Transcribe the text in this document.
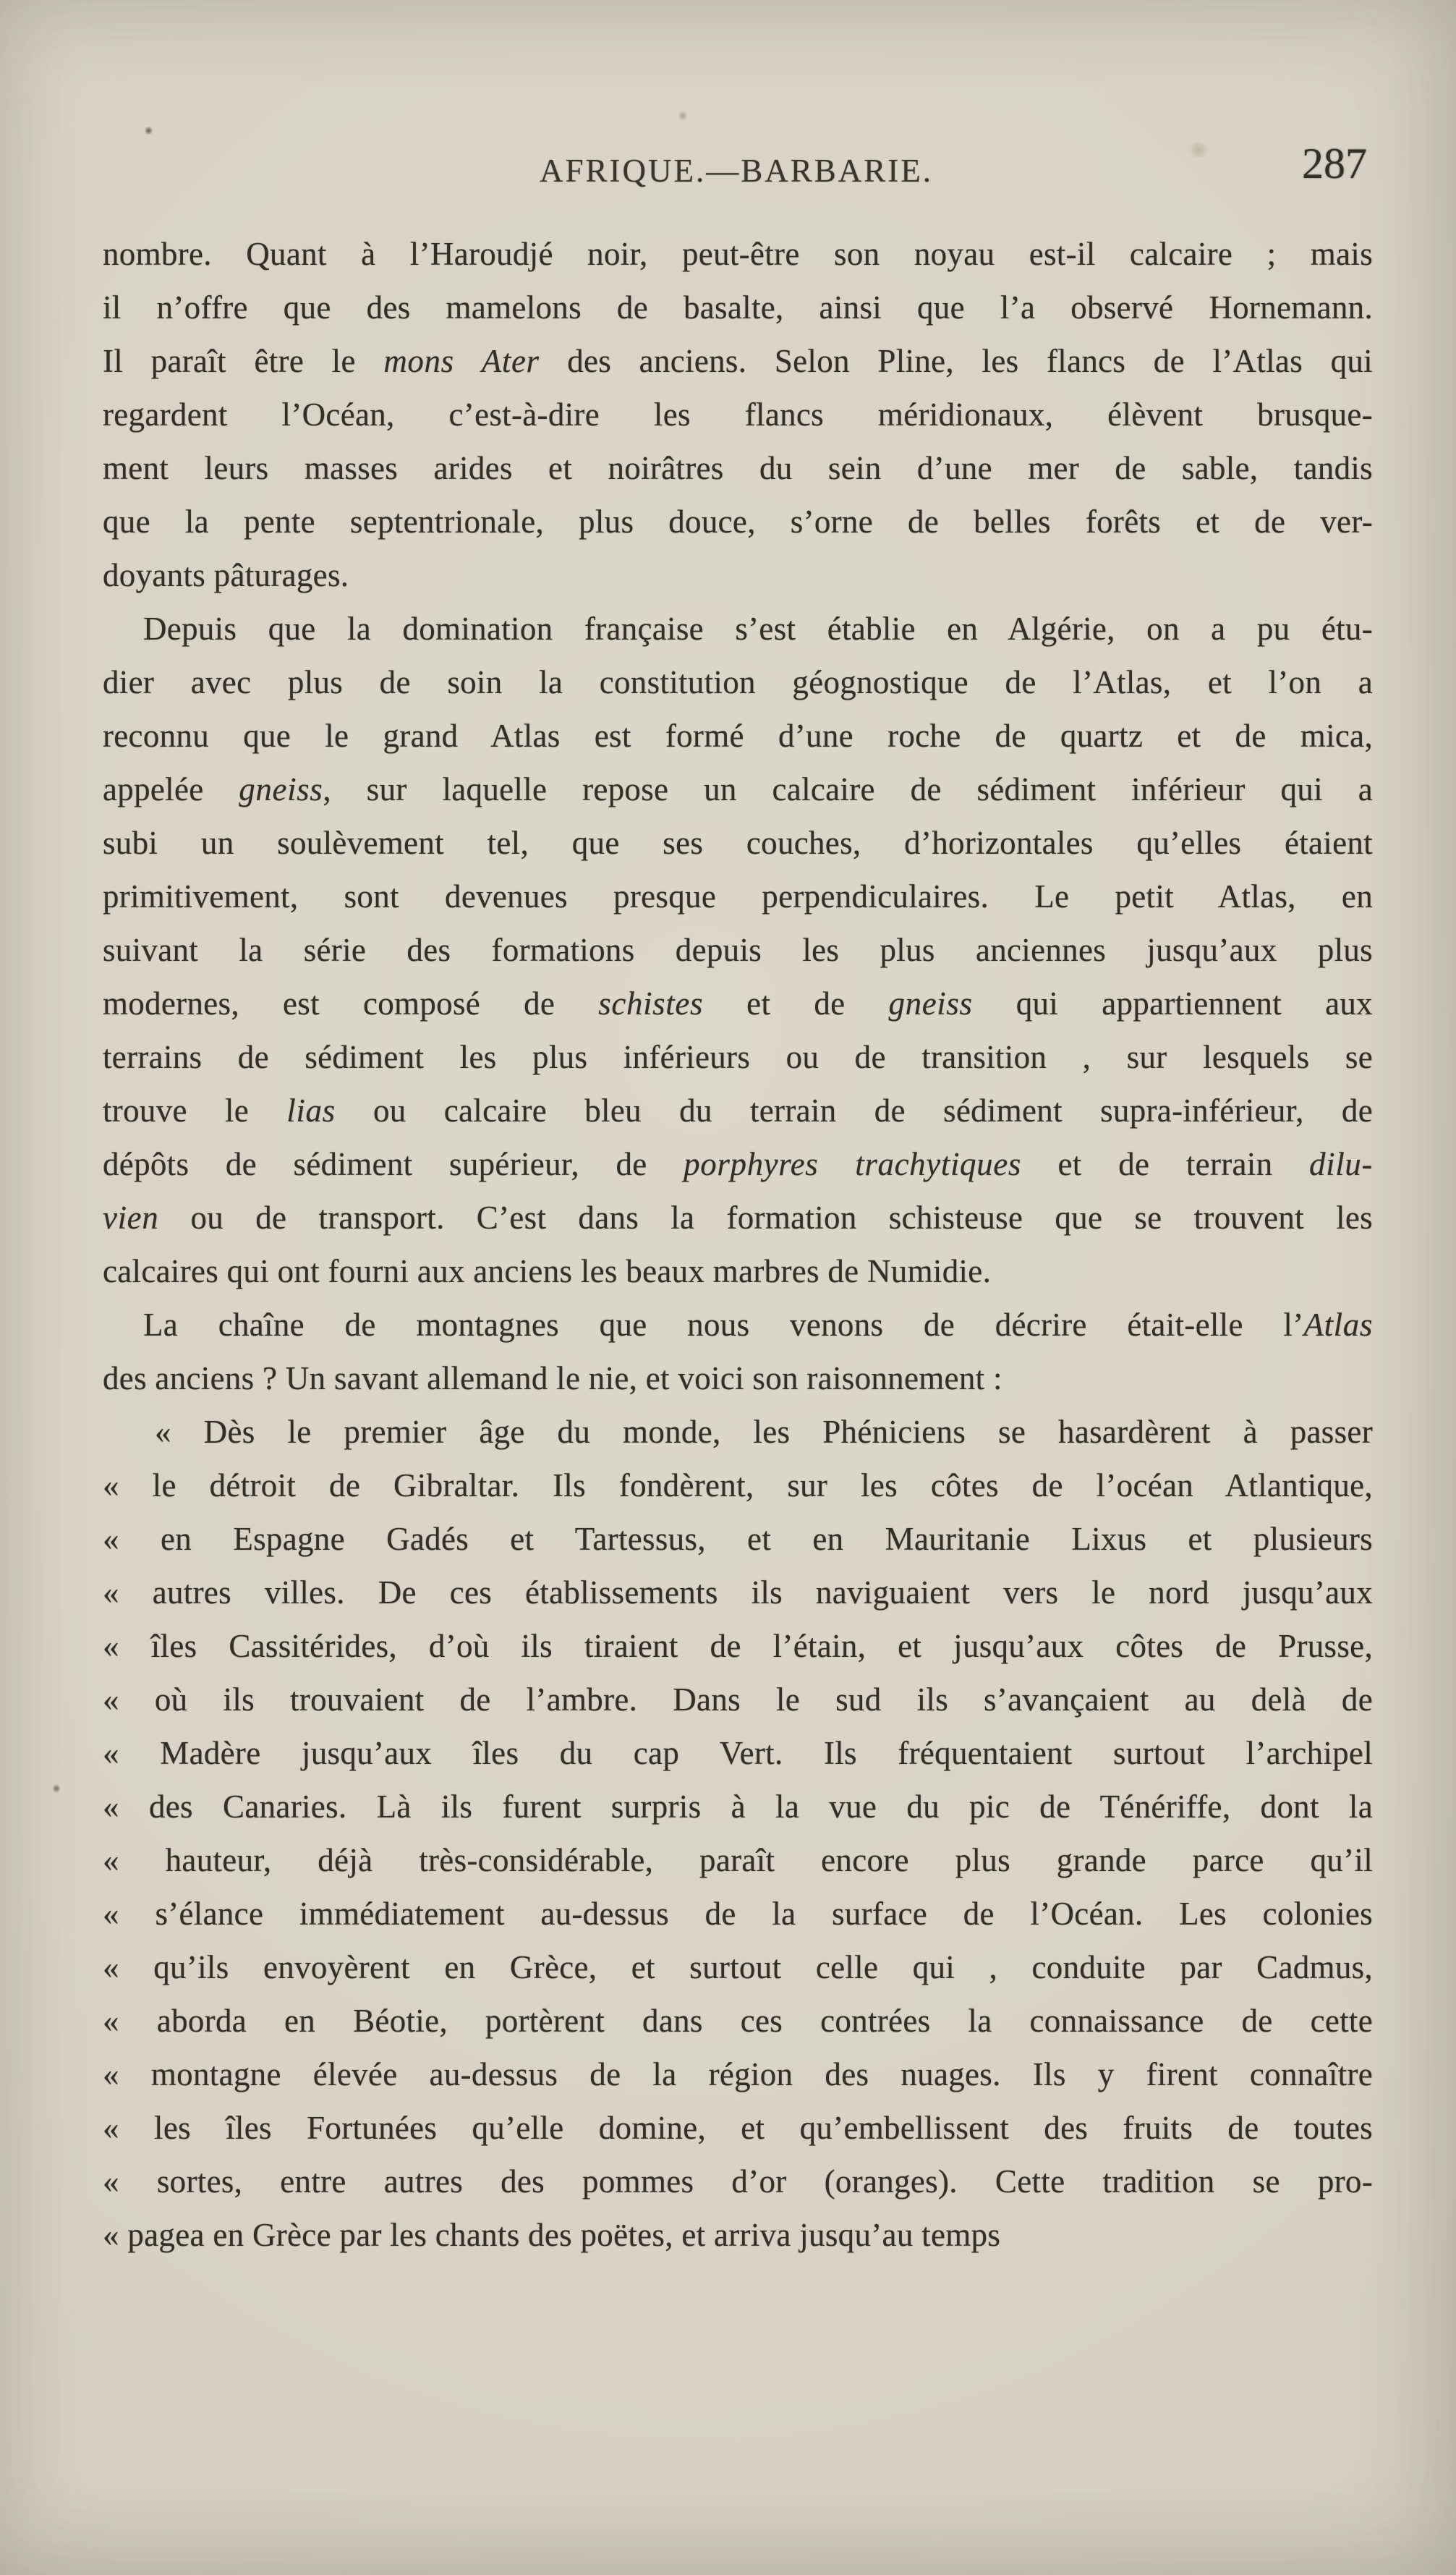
AFRIQUE.—BARBARIE.	287
nombre. Quant à l’Haroudjé noir, peut-être son noyau est-il calcaire ; mais
il n’offre que des mamelons de basalte, ainsi que l’a observé Hornemann.
Il paraît être le mons Ater des anciens. Selon Pline, les flancs de l’Atlas qui
regardent l’Océan, c’est-à-dire les flancs méridionaux, élèvent brusque-
ment leurs masses arides et noirâtres du sein d’une mer de sable, tandis
que la pente septentrionale, plus douce, s’orne de belles forêts et de ver-
doyants pâturages.
Depuis que la domination française s’est établie en Algérie, on a pu étu-
dier avec plus de soin la constitution géognostique de l’Atlas, et l’on a
reconnu que le grand Atlas est formé d’une roche de quartz et de mica,
appelée gneiss, sur laquelle repose un calcaire de sédiment inférieur qui a
subi un soulèvement tel, que ses couches, d’horizontales qu’elles étaient
primitivement, sont devenues presque perpendiculaires. Le petit Atlas, en
suivant la série des formations depuis les plus anciennes jusqu’aux plus
modernes, est composé de schistes et de gneiss qui appartiennent aux
terrains de sédiment les plus inférieurs ou de transition , sur lesquels se
trouve le lias ou calcaire bleu du terrain de sédiment supra-inférieur, de
dépôts de sédiment supérieur, de porphyres trachytiques et de terrain dilu-
vien ou de transport. C’est dans la formation schisteuse que se trouvent les
calcaires qui ont fourni aux anciens les beaux marbres de Numidie.
La chaîne de montagnes que nous venons de décrire était-elle l’Atlas
des anciens ? Un savant allemand le nie, et voici son raisonnement :
« Dès le premier âge du monde, les Phéniciens se hasardèrent à passer
« le détroit de Gibraltar. Ils fondèrent, sur les côtes de l’océan Atlantique,
« en Espagne Gadés et Tartessus, et en Mauritanie Lixus et plusieurs
« autres villes. De ces établissements ils naviguaient vers le nord jusqu’aux
« îles Cassitérides, d’où ils tiraient de l’étain, et jusqu’aux côtes de Prusse,
« où ils trouvaient de l’ambre. Dans le sud ils s’avançaient au delà de
« Madère jusqu’aux îles du cap Vert. Ils fréquentaient surtout l’archipel
« des Canaries. Là ils furent surpris à la vue du pic de Ténériffe, dont la
« hauteur, déjà très-considérable, paraît encore plus grande parce qu’il
« s’élance immédiatement au-dessus de la surface de l’Océan. Les colonies
« qu’ils envoyèrent en Grèce, et surtout celle qui , conduite par Cadmus,
« aborda en Béotie, portèrent dans ces contrées la connaissance de cette
« montagne élevée au-dessus de la région des nuages. Ils y firent connaître
« les îles Fortunées qu’elle domine, et qu’embellissent des fruits de toutes
« sortes, entre autres des pommes d’or (oranges). Cette tradition se pro-
« pagea en Grèce par les chants des poëtes, et arriva jusqu’au temps
